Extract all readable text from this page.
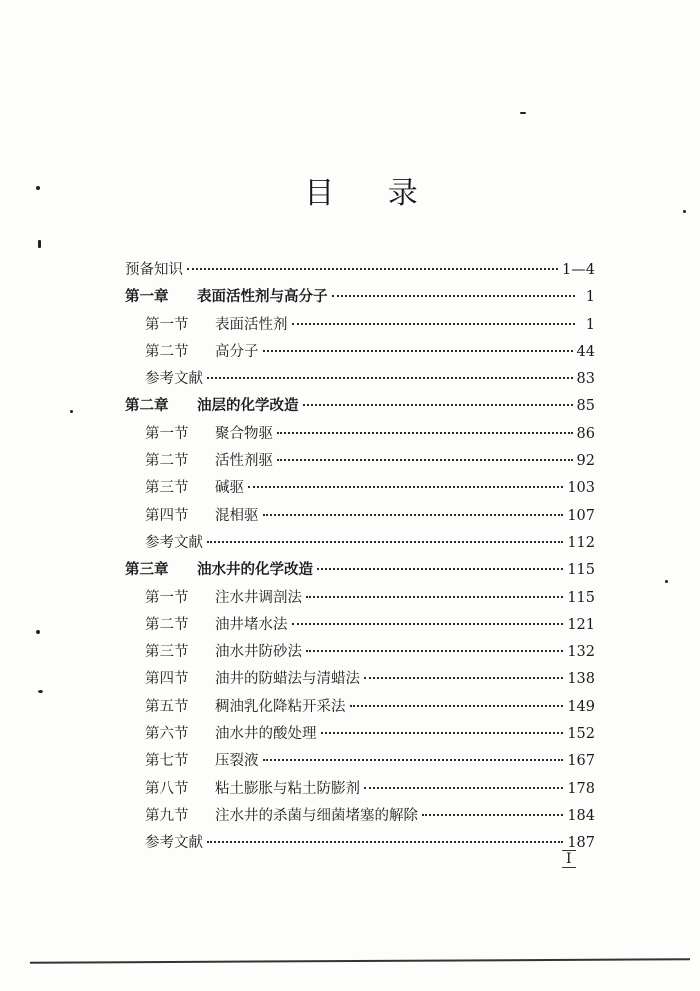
目 录
预备知识	1—4
第一章 表面活性剂与高分子	1
第一节 表面活性剂	1
第二节 高分子	44
参考文献	83
第二章 油层的化学改造	85
第一节 聚合物驱	86
第二节 活性剂驱	92
第三节 碱驱	103
第四节 混相驱	107
参考文献	112
第三章 油水井的化学改造	115
第一节 注水井调剖法	115
第二节 油井堵水法	121
第三节 油水井防砂法	132
第四节 油井的防蜡法与清蜡法	138
第五节 稠油乳化降粘开采法	149
第六节 油水井的酸处理	152
第七节 压裂液	167
第八节 粘土膨胀与粘土防膨剂	178
第九节 注水井的杀菌与细菌堵塞的解除	184
参考文献	187
I
